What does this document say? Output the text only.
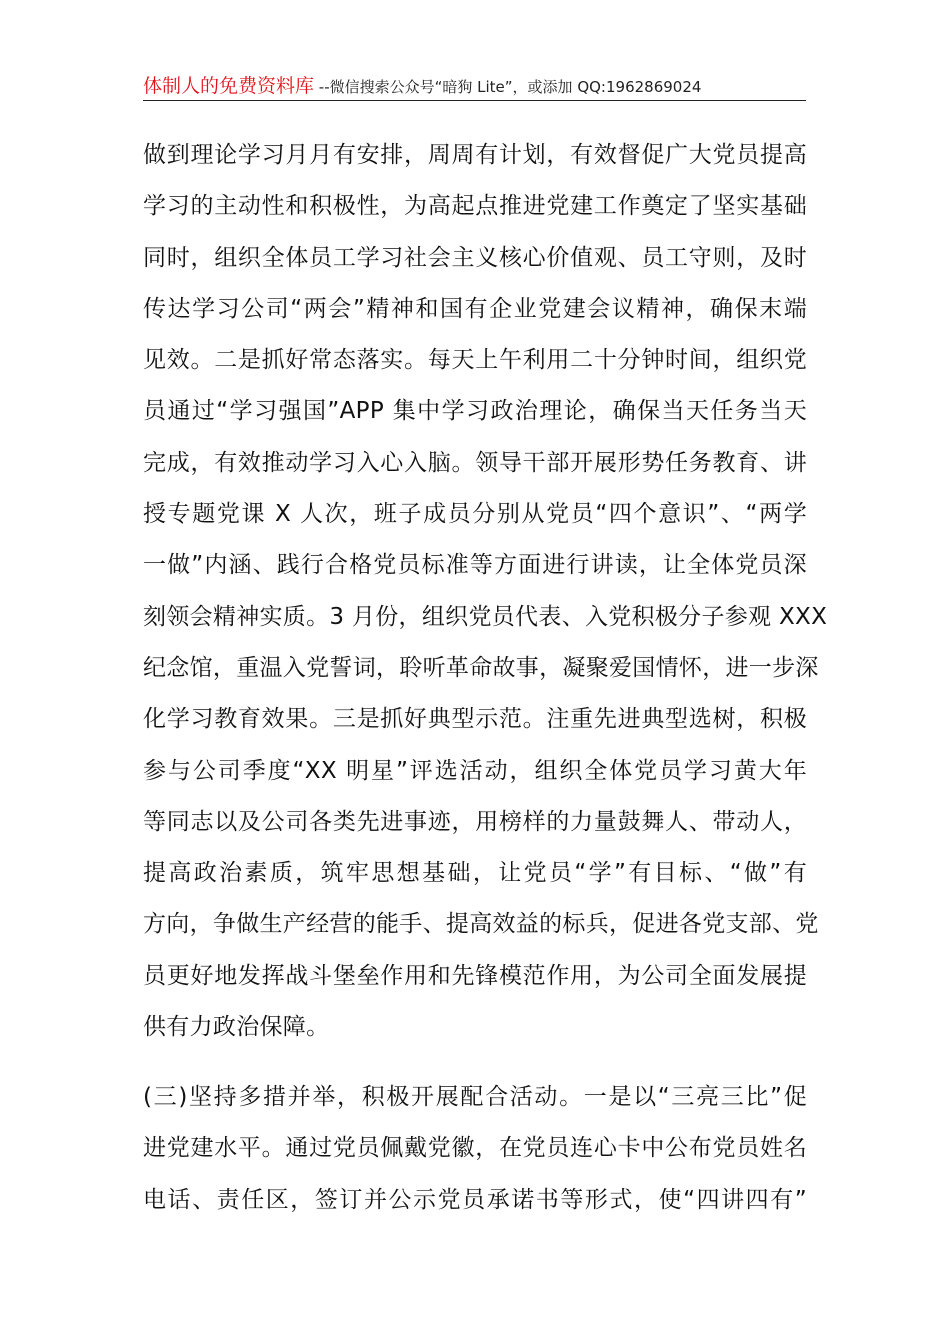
体制人的免费资料库 --微信搜索公众号“暗狗 Lite”，或添加 QQ:1962869024
做到理论学习月月有安排，周周有计划，有效督促广大党员提高
学习的主动性和积极性，为高起点推进党建工作奠定了坚实基础
同时，组织全体员工学习社会主义核心价值观、员工守则，及时
传达学习公司“两会”精神和国有企业党建会议精神，确保末端
见效。二是抓好常态落实。每天上午利用二十分钟时间，组织党
员通过“学习强国”APP 集中学习政治理论，确保当天任务当天
完成，有效推动学习入心入脑。领导干部开展形势任务教育、讲
授专题党课 X 人次，班子成员分别从党员“四个意识”、“两学
一做”内涵、践行合格党员标准等方面进行讲读，让全体党员深
刻领会精神实质。3 月份，组织党员代表、入党积极分子参观 XXX
纪念馆，重温入党誓词，聆听革命故事，凝聚爱国情怀，进一步深
化学习教育效果。三是抓好典型示范。注重先进典型选树，积极
参与公司季度“XX 明星”评选活动，组织全体党员学习黄大年
等同志以及公司各类先进事迹，用榜样的力量鼓舞人、带动人，
提高政治素质，筑牢思想基础，让党员“学”有目标、“做”有
方向，争做生产经营的能手、提高效益的标兵，促进各党支部、党
员更好地发挥战斗堡垒作用和先锋模范作用，为公司全面发展提
供有力政治保障。
(三)坚持多措并举，积极开展配合活动。一是以“三亮三比”促
进党建水平。通过党员佩戴党徽，在党员连心卡中公布党员姓名
电话、责任区，签订并公示党员承诺书等形式，使“四讲四有”
